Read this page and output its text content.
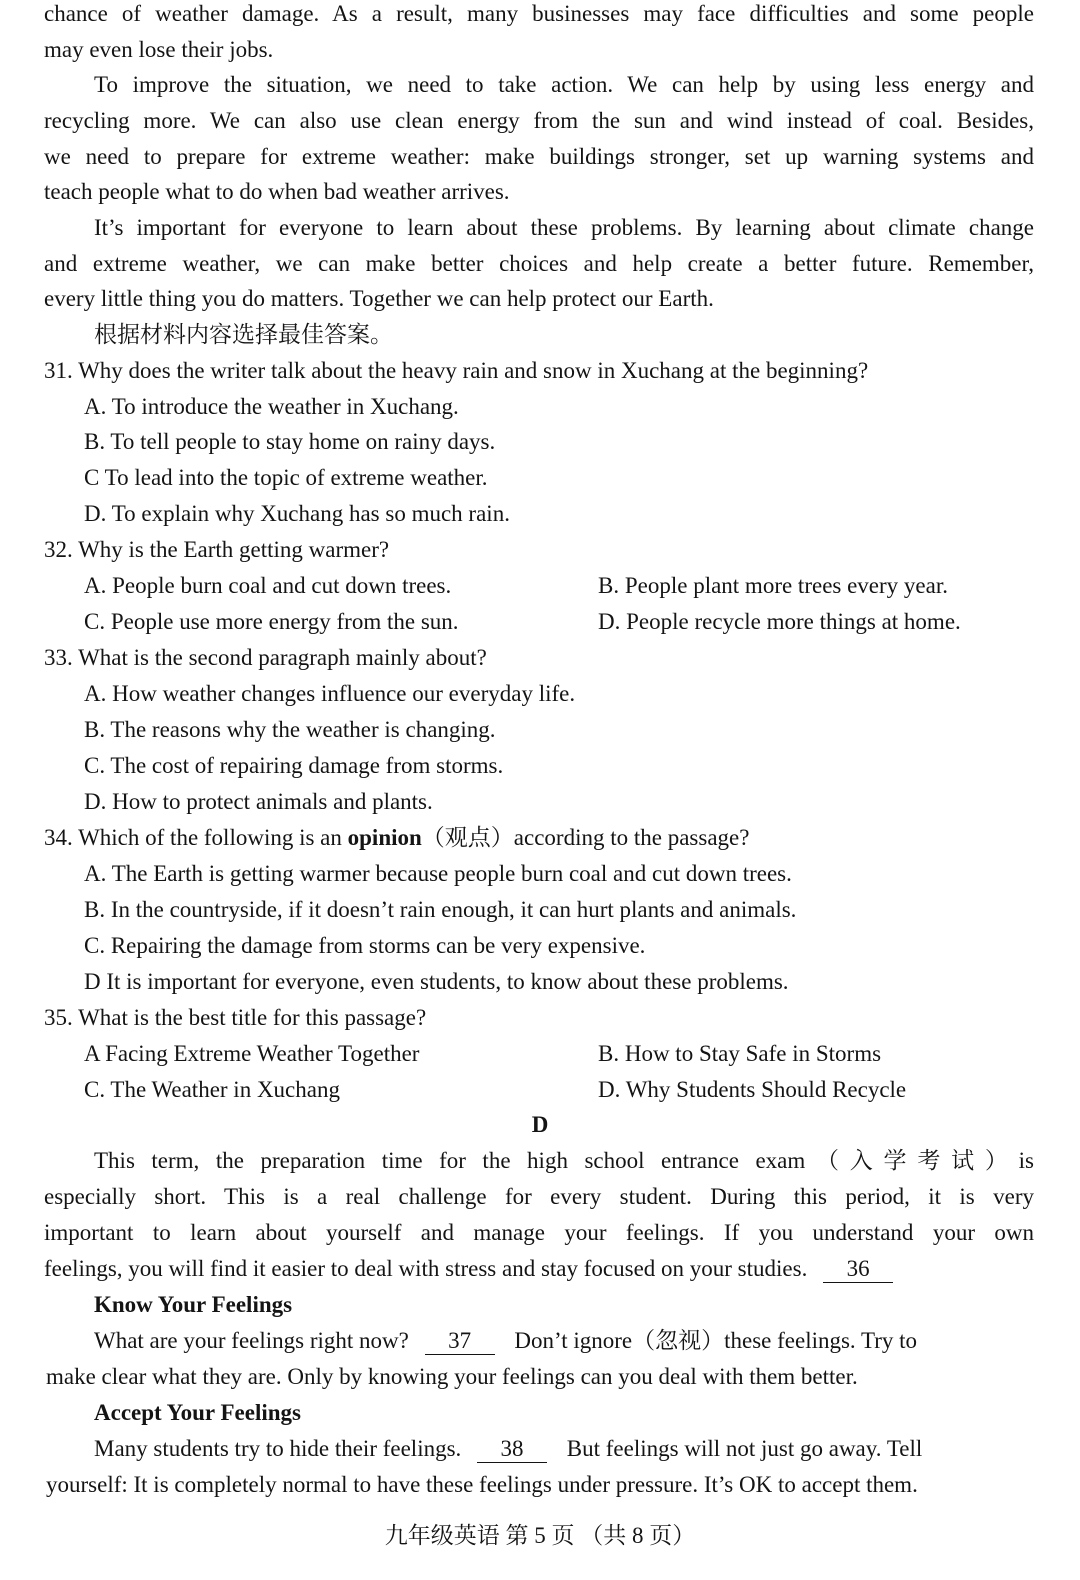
chance of weather damage. As a result, many businesses may face difficulties and some people
may even lose their jobs.
To improve the situation, we need to take action. We can help by using less energy and
recycling more. We can also use clean energy from the sun and wind instead of coal. Besides,
we need to prepare for extreme weather: make buildings stronger, set up warning systems and
teach people what to do when bad weather arrives.
It’s important for everyone to learn about these problems. By learning about climate change
and extreme weather, we can make better choices and help create a better future. Remember,
every little thing you do matters. Together we can help protect our Earth.
根据材料内容选择最佳答案。
31. Why does the writer talk about the heavy rain and snow in Xuchang at the beginning?
A. To introduce the weather in Xuchang.
B. To tell people to stay home on rainy days.
C To lead into the topic of extreme weather.
D. To explain why Xuchang has so much rain.
32. Why is the Earth getting warmer?
A. People burn coal and cut down trees.	B. People plant more trees every year.
C. People use more energy from the sun.	D. People recycle more things at home.
33. What is the second paragraph mainly about?
A. How weather changes influence our everyday life.
B. The reasons why the weather is changing.
C. The cost of repairing damage from storms.
D. How to protect animals and plants.
34. Which of the following is an opinion（观点）according to the passage?
A. The Earth is getting warmer because people burn coal and cut down trees.
B. In the countryside, if it doesn’t rain enough, it can hurt plants and animals.
C. Repairing the damage from storms can be very expensive.
D It is important for everyone, even students, to know about these problems.
35. What is the best title for this passage?
A Facing Extreme Weather Together	B. How to Stay Safe in Storms
C. The Weather in Xuchang	D. Why Students Should Recycle
D
This term, the preparation time for the high school entrance exam（入学考试）is
especially short. This is a real challenge for every student. During this period, it is very
important to learn about yourself and manage your feelings. If you understand your own
feelings, you will find it easier to deal with stress and stay focused on your studies. 36
Know Your Feelings
What are your feelings right now? 37 Don’t ignore（忽视）these feelings. Try to
make clear what they are. Only by knowing your feelings can you deal with them better.
Accept Your Feelings
Many students try to hide their feelings. 38 But feelings will not just go away. Tell
yourself: It is completely normal to have these feelings under pressure. It’s OK to accept them.
九年级英语 第 5 页 （共 8 页）
